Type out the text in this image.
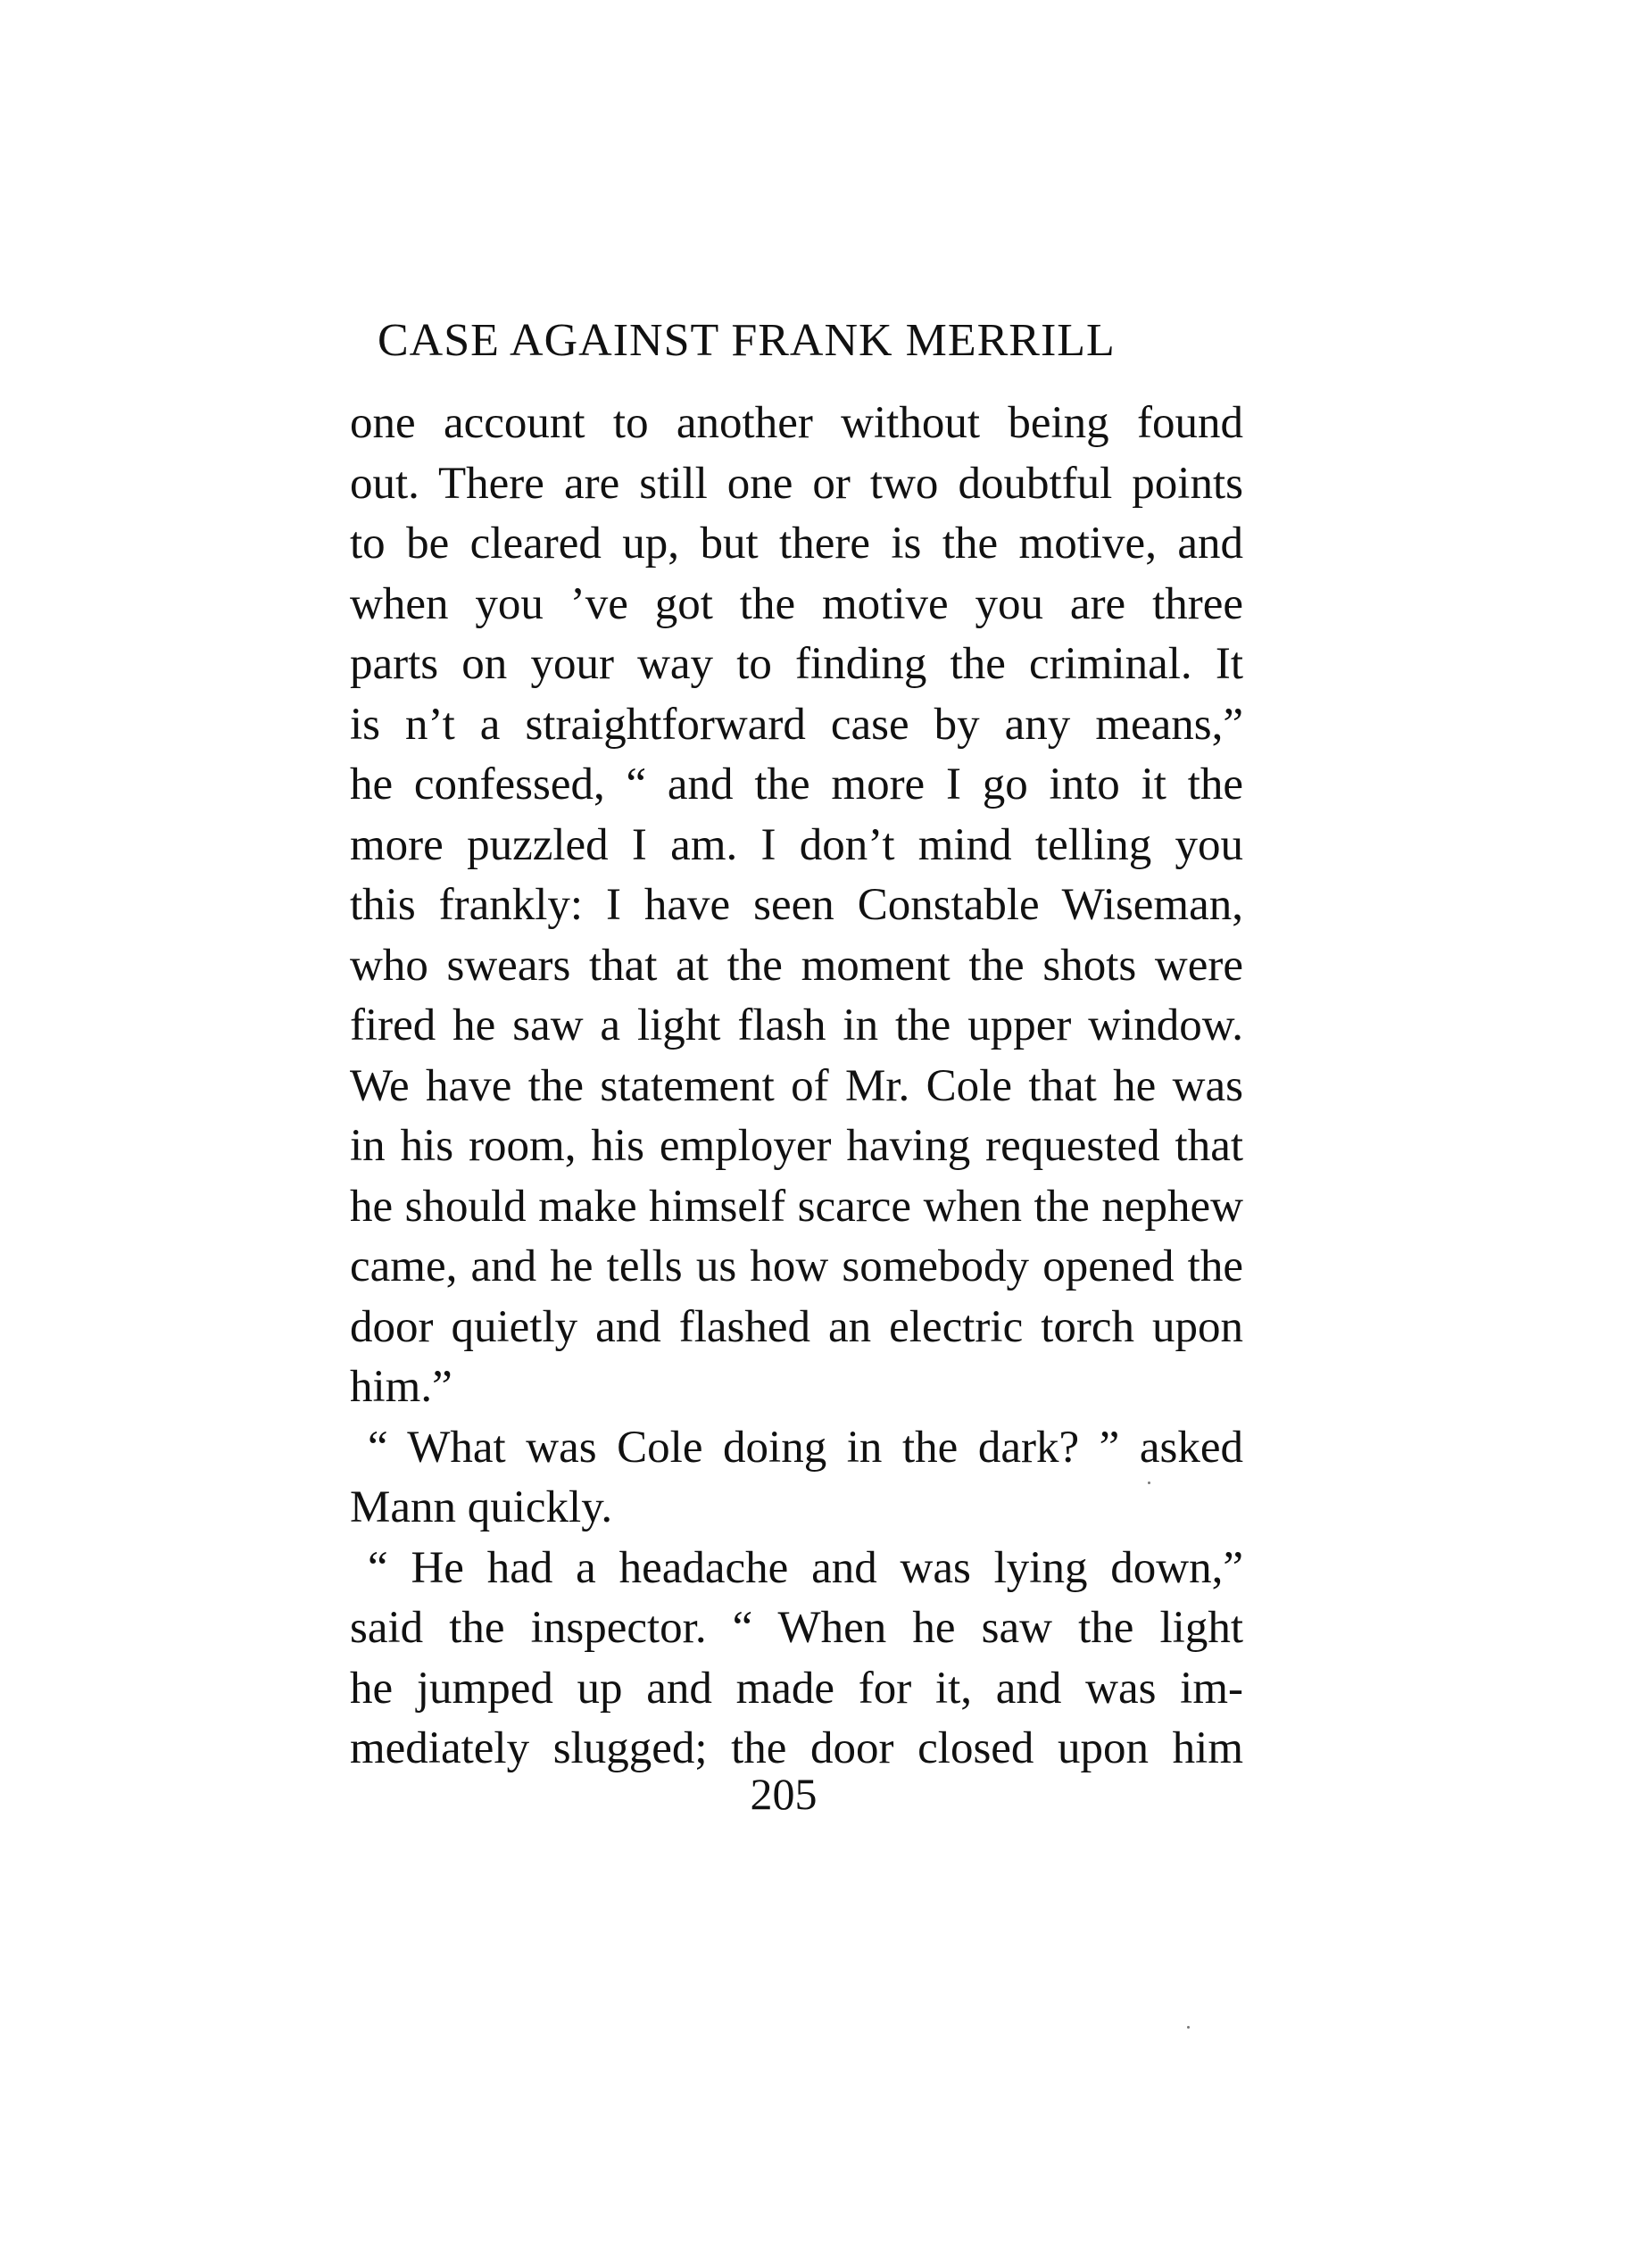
CASE AGAINST FRANK MERRILL
one account to another without being found
out. There are still one or two doubtful points
to be cleared up, but there is the motive, and
when you ’ve got the motive you are three
parts on your way to finding the criminal. It
is n’t a straightforward case by any means,”
he confessed, “ and the more I go into it the
more puzzled I am. I don’t mind telling you
this frankly: I have seen Constable Wiseman,
who swears that at the moment the shots were
fired he saw a light flash in the upper window.
We have the statement of Mr. Cole that he was
in his room, his employer having requested that
he should make himself scarce when the nephew
came, and he tells us how somebody opened the
door quietly and flashed an electric torch upon
him.”
“ What was Cole doing in the dark? ” asked
Mann quickly.
“ He had a headache and was lying down,”
said the inspector. “ When he saw the light
he jumped up and made for it, and was im-
mediately slugged; the door closed upon him
205
